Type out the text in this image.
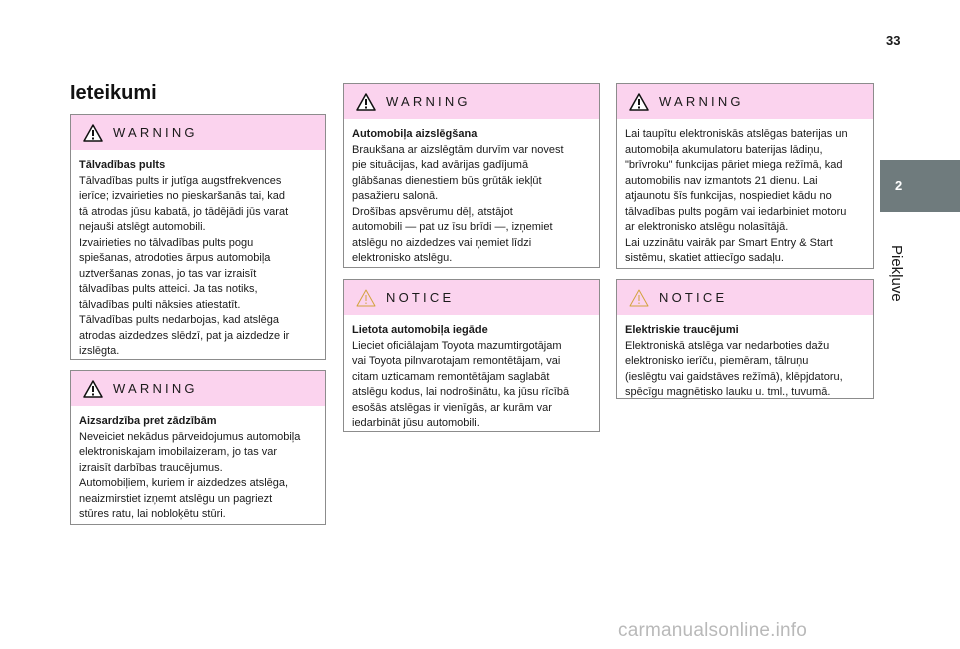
33
2
Piekļuve
Ieteikumi
WARNING

Tālvadības pults

Tālvadības pults ir jutīga augstfrekvences
ierīce; izvairieties no pieskaršanās tai, kad
tā atrodas jūsu kabatā, jo tādējādi jūs varat
nejauši atslēgt automobili.
Izvairieties no tālvadības pults pogu
spiešanas, atrodoties ārpus automobiļa
uztveršanas zonas, jo tas var izraisīt
tālvadības pults atteici. Ja tas notiks,
tālvadības pulti nāksies atiestatīt.
Tālvadības pults nedarbojas, kad atslēga
atrodas aizdedzes slēdzī, pat ja aizdedze ir
izslēgta.

WARNING

Aizsardzība pret zādzībām

Neveiciet nekādus pārveidojumus automobiļa
elektroniskajam imobilaizeram, jo tas var
izraisīt darbības traucējumus.
Automobiļiem, kuriem ir aizdedzes atslēga,
neaizmirstiet izņemt atslēgu un pagriezt
stūres ratu, lai nobloķētu stūri.

WARNING

Automobiļa aizslēgšana

Braukšana ar aizslēgtām durvīm var novest
pie situācijas, kad avārijas gadījumā
glābšanas dienestiem būs grūtāk iekļūt
pasažieru salonā.
Drošības apsvērumu dēļ, atstājot
automobili — pat uz īsu brīdi —, izņemiet
atslēgu no aizdedzes vai ņemiet līdzi
elektronisko atslēgu.

NOTICE

Lietota automobiļa iegāde

Lieciet oficiālajam Toyota mazumtirgotājam
vai Toyota pilnvarotajam remontētājam, vai
citam uzticamam remontētājam saglabāt
atslēgu kodus, lai nodrošinātu, ka jūsu rīcībā
esošās atslēgas ir vienīgās, ar kurām var
iedarbināt jūsu automobili.

WARNING

Lai taupītu elektroniskās atslēgas baterijas un
automobiļa akumulatoru baterijas lādiņu,
"brīvroku" funkcijas pāriet miega režīmā, kad
automobilis nav izmantots 21 dienu. Lai
atjaunotu šīs funkcijas, nospiediet kādu no
tālvadības pults pogām vai iedarbiniet motoru
ar elektronisko atslēgu nolasītājā.
Lai uzzinātu vairāk par Smart Entry & Start
sistēmu, skatiet attiecīgo sadaļu.

NOTICE

Elektriskie traucējumi

Elektroniskā atslēga var nedarboties dažu
elektronisko ierīču, piemēram, tālruņu
(ieslēgtu vai gaidstāves režīmā), klēpjdatoru,
spēcīgu magnētisko lauku u. tml., tuvumā.

carmanualsonline.info
